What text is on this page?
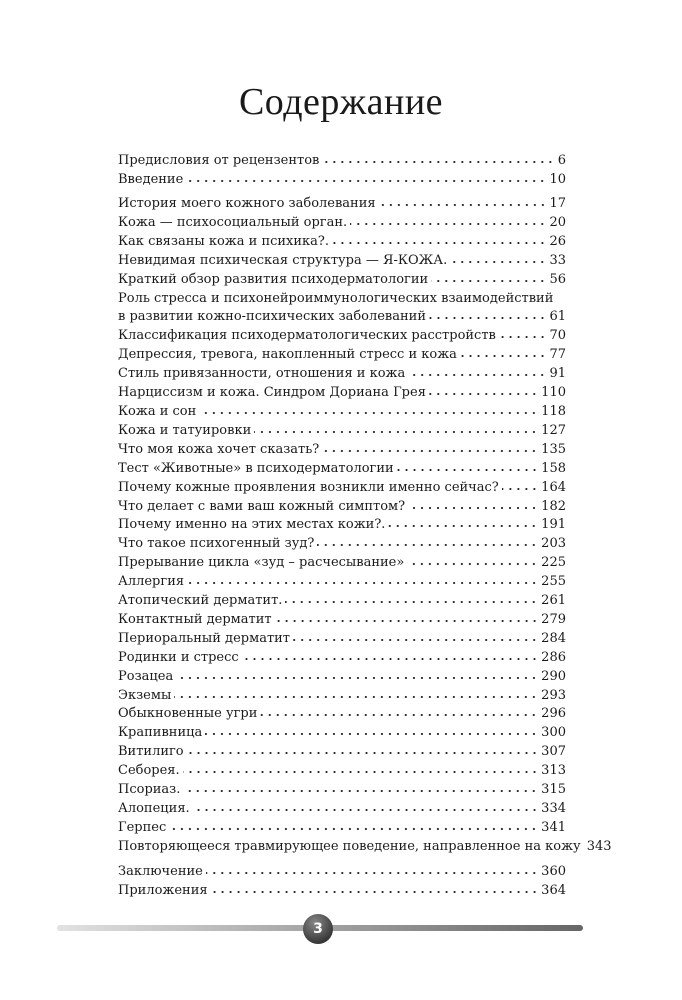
Содержание
Предисловия от рецензентов	6
Введение	10
История моего кожного заболевания	17
Кожа — психосоциальный орган.	20
Как связаны кожа и психика?.	26
Невидимая психическая структура — Я-КОЖА.	33
Краткий обзор развития психодерматологии	56
Роль стресса и психонейроиммунологических взаимодействий
в развитии кожно-психических заболеваний	61
Классификация психодерматологических расстройств	70
Депрессия, тревога, накопленный стресс и кожа	77
Стиль привязанности, отношения и кожа	91
Нарциссизм и кожа. Синдром Дориана Грея	110
Кожа и сон	118
Кожа и татуировки	127
Что моя кожа хочет сказать?	135
Тест «Животные» в психодерматологии	158
Почему кожные проявления возникли именно сейчас?	164
Что делает с вами ваш кожный симптом?	182
Почему именно на этих местах кожи?.	191
Что такое психогенный зуд?	203
Прерывание цикла «зуд – расчесывание»	225
Аллергия	255
Атопический дерматит.	261
Контактный дерматит	279
Периоральный дерматит	284
Родинки и стресс	286
Розацеа	290
Экземы	293
Обыкновенные угри	296
Крапивница	300
Витилиго	307
Себорея.	313
Псориаз.	315
Алопеция.	334
Герпес	341
Повторяющееся травмирующее поведение, направленное на кожу 343
Заключение	360
Приложения	364
3
